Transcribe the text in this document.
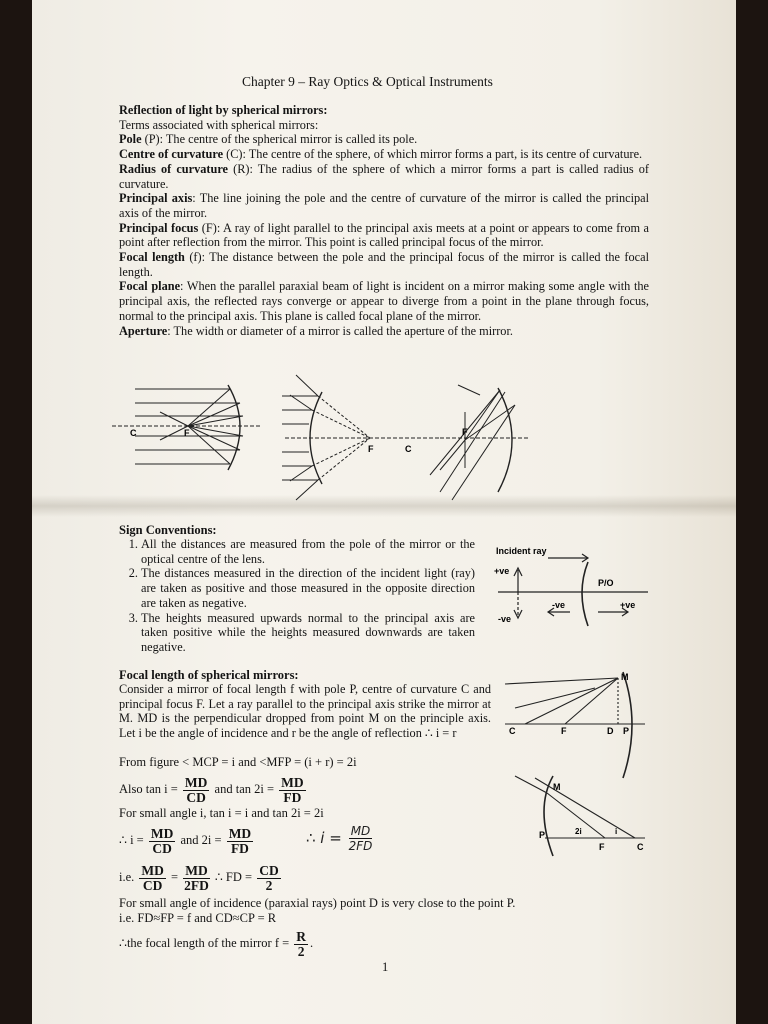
Chapter 9 – Ray Optics & Optical Instruments

Reflection of light by spherical mirrors:

Terms associated with spherical mirrors:

Pole (P): The centre of the spherical mirror is called its pole.

Centre of curvature (C): The centre of the sphere, of which mirror forms a part, is its centre of curvature.

Radius of curvature (R): The radius of the sphere of which a mirror forms a part is called radius of curvature.

Principal axis: The line joining the pole and the centre of curvature of the mirror is called the principal axis of the mirror.

Principal focus (F): A ray of light parallel to the principal axis meets at a point or appears to come from a point after reflection from the mirror. This point is called principal focus of the mirror.

Focal length (f): The distance between the pole and the principal focus of the mirror is called the focal length.

Focal plane: When the parallel paraxial beam of light is incident on a mirror making some angle with the principal axis, the reflected rays converge or appear to diverge from a point in the plane through focus, normal to the principal axis. This plane is called focal plane of the mirror.

Aperture: The width or diameter of a mirror is called the aperture of the mirror.

C	F
F	C
F
Sign Conventions:
1. All the distances are measured from the pole of the mirror or the optical centre of the lens.
2. The distances measured in the direction of the incident light (ray) are taken as positive and those measured in the opposite direction are taken as negative.
3. The heights measured upwards normal to the principal axis are taken positive while the heights measured downwards are taken negative.
Incident ray
+ve
-ve
-ve	+ve
P/O
Focal length of spherical mirrors:
Consider a mirror of focal length f with pole P, centre of curvature C and principal focus F. Let a ray parallel to the principal axis strike the mirror at M. MD is the perpendicular dropped from point M on the principle axis. Let i be the angle of incidence and r be the angle of reflection ∴ i = r
From figure < MCP = i and <MFP = (i + r) = 2i
Also $\tan i = \frac{MD}{CD}$ and $\tan 2i = \frac{MD}{FD}$
For small angle i, tan i = i and tan 2i = 2i
∴ $i = \frac{MD}{CD}$ and $2i = \frac{MD}{FD}$	∴ $i = \frac{MD}{2FD}$
i.e. $\frac{MD}{CD} = \frac{MD}{2FD}$ ∴ FD = $\frac{CD}{2}$
For small angle of incidence (paraxial rays) point D is very close to the point P.
i.e. FD≈FP = f and CD≈CP = R
∴the focal length of the mirror $f = \frac{R}{2}$ .
M
C	F	D P
M
P
F	C
2i	i
1
